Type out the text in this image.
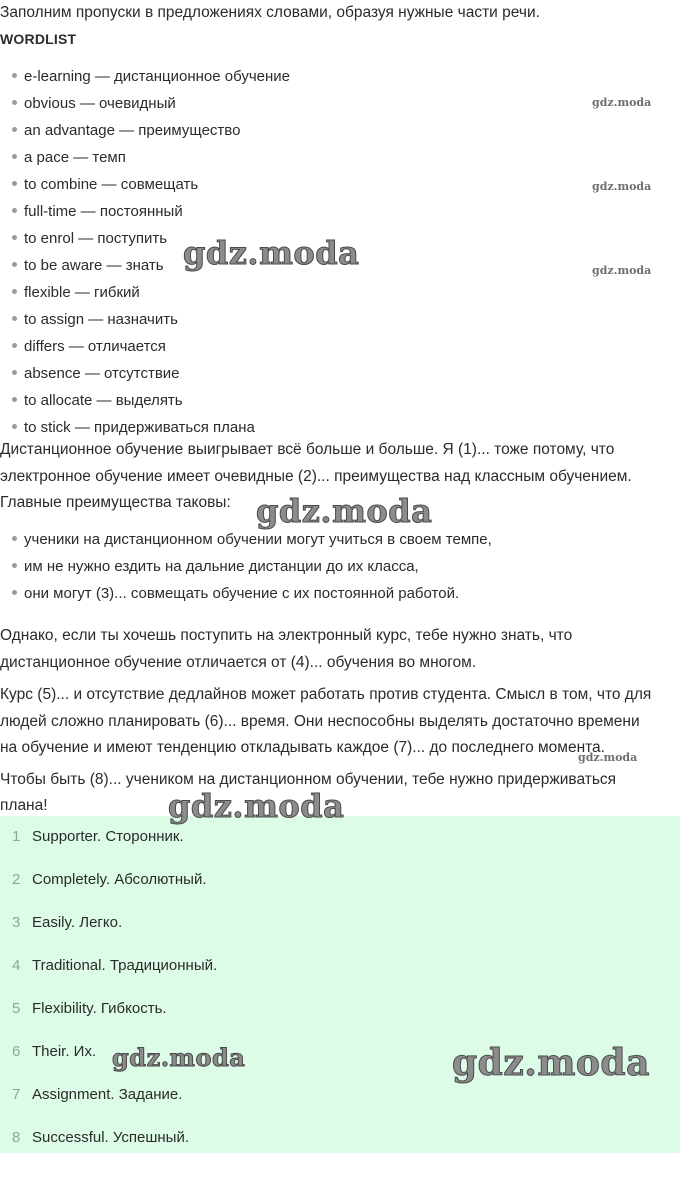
Заполним пропуски в предложениях словами, образуя нужные части речи.
WORDLIST
e-learning — дистанционное обучение
obvious — очевидный
an advantage — преимущество
a pace — темп
to combine — совмещать
full-time — постоянный
to enrol — поступить
to be aware — знать
flexible — гибкий
to assign — назначить
differs — отличается
absence — отсутствие
to allocate — выделять
to stick — придерживаться плана
Дистанционное обучение выигрывает всё больше и больше. Я (1)... тоже потому, что
электронное обучение имеет очевидные (2)... преимущества над классным обучением.
Главные преимущества таковы:
ученики на дистанционном обучении могут учиться в своем темпе,
им не нужно ездить на дальние дистанции до их класса,
они могут (3)... совмещать обучение с их постоянной работой.
Однако, если ты хочешь поступить на электронный курс, тебе нужно знать, что
дистанционное обучение отличается от (4)... обучения во многом.
Курс (5)... и отсутствие дедлайнов может работать против студента. Смысл в том, что для
людей сложно планировать (6)... время. Они неспособны выделять достаточно времени
на обучение и имеют тенденцию откладывать каждое (7)... до последнего момента.
Чтобы быть (8)... учеником на дистанционном обучении, тебе нужно придерживаться
плана!
1 Supporter. Сторонник.
2 Completely. Абсолютный.
3 Easily. Легко.
4 Traditional. Традиционный.
5 Flexibility. Гибкость.
6 Their. Их.
7 Assignment. Задание.
8 Successful. Успешный.
gdz.moda
gdz.moda
gdz.moda
gdz.moda
gdz.moda
gdz.moda
gdz.moda
gdz.moda	gdz.moda
